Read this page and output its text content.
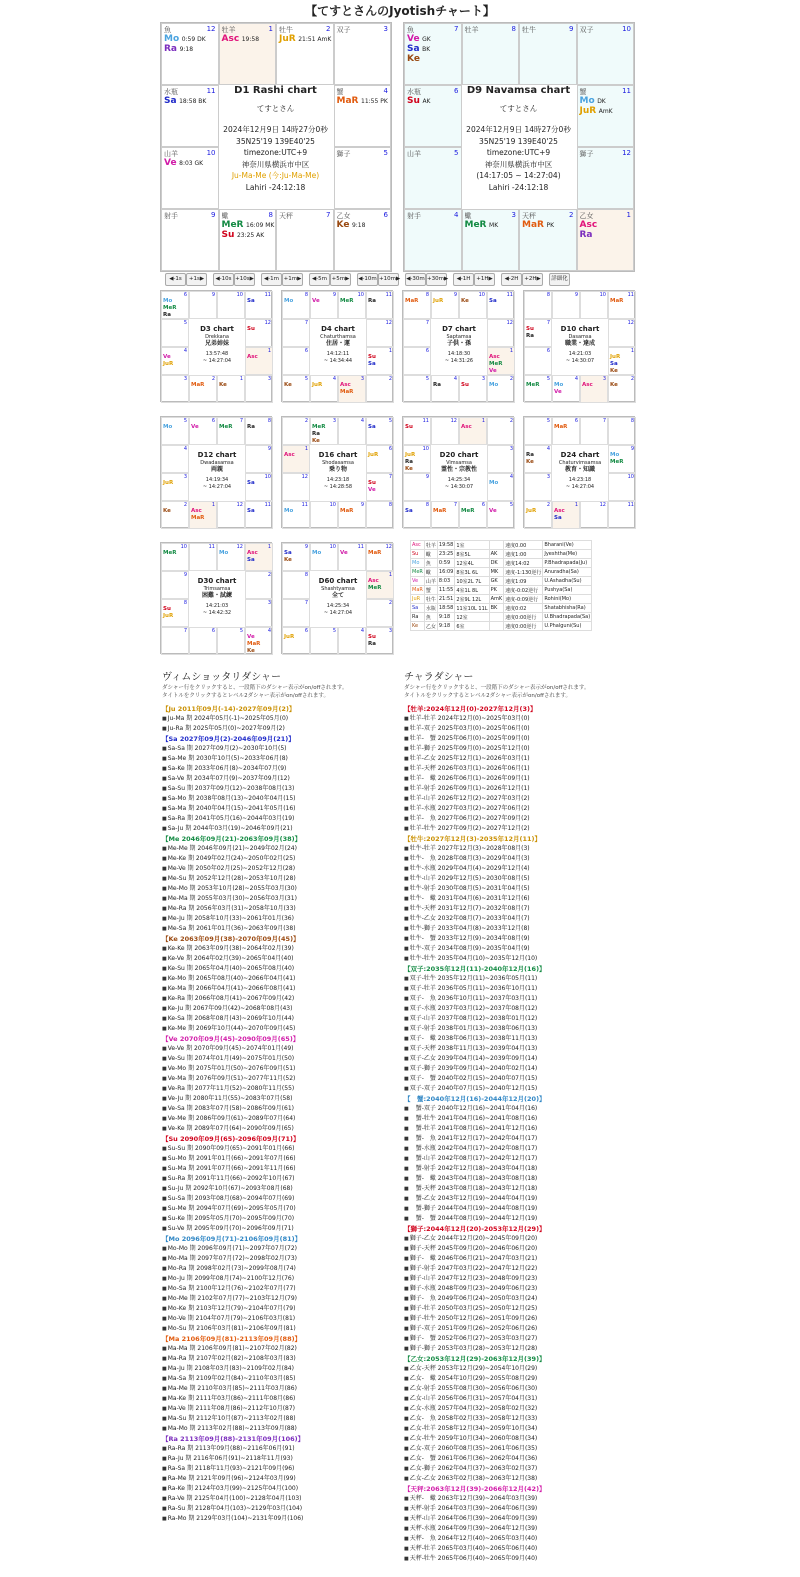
【てすとさんのJyotishチャート】
D1 Rashi chart
てすとさん
2024年12月9日 14時27分0秒
35N25'19 139E40'25
timezone:UTC+9
神奈川県横浜市中区
Ju-Ma-Me (今:Ju-Ma-Me)
Lahiri -24:12:18
魚	12
Mo 0:59 DK
Ra 9:18
牡羊	1
Asc 19:58
牡牛	2
JuR 21:51 AmK
双子	3
水瓶	11
Sa 18:58 BK
蟹	4
MaR 11:55 PK
山羊	10
Ve 8:03 GK
獅子	5
射手	9 蠍	8
MeR 16:09 MK
Su 23:25 AK
天秤	7 乙女	6
Ke 9:18
D9 Navamsa chart
てすとさん
2024年12月9日 14時27分0秒
35N25'19 139E40'25
timezone:UTC+9
神奈川県横浜市中区
(14:17:05 ~ 14:27:04)
Lahiri -24:12:18
魚	7
Ve GK
Sa BK
Ke
牡羊	8 牡牛	9 双子	10
水瓶	6
Su AK
蟹	11
Mo DK
JuR AmK
山羊	5	獅子	12
射手	4 蠍	3
MeR MK
天秤	2
MaR PK
乙女	1
Asc
Ra
◀-1s	+1s▶	◀-10s +10s▶	◀-1m +1m▶	◀-5m +5m▶	◀-10m +10m▶ ◀-30m +30m▶	◀-1H	+1H▶	◀-2H	+2H▶	詳細化
6
Mo
MeR
Ra
9	10	11
Sa
5	12
Su
4
Ve
JuR
1
Asc
3	2
MaR
1
Ke
3
D3 chart
Drekkana
兄弟姉妹
13:57:48
~ 14:27:04
8
Mo
9
Ve
10
MeR
11
Ra
7	12
6	1
Su
Sa
5
Ke
4
JuR
3
Asc
MaR
2
D4 chart
Chaturthamsa
住居・運
14:12:11
~ 14:34:44
8
MaR
9
JuR
10
Ke
11
Sa
7	12
6	1
Asc
MeR
Ve
5	4
Ra
3
Su
2
Mo
D7 chart
Saptamsa
子供・孫
14:18:30
~ 14:31:26
8	9	10	11
MaR
7
Su
Ra
12
6	1
JuR
Sa
Ke
5
MeR
4
Mo
Ve
3
Asc
2
Ke
D10 chart
Dasamsa
職業・達成
14:21:03
~ 14:30:07
5
Mo
6
Ve
7
MeR
8
Ra
4	9
3
JuR
10
Sa
2
Ke
1
Asc
MaR
12	11
Sa
D12 chart
Dwadasamsa
両親
14:19:34
~ 14:27:04
2	3
MeR
Ra
Ke
4	5
Sa
1
Asc
6
JuR
12	7
Su
Ve
11
Mo
10	9
MaR
8
D16 chart
Shodasamsa
乗り物
14:23:18
~ 14:28:58
11
Su
12	1
Asc
2
10
JuR
Ra
Ke
3
9	4
Mo
8
Sa
7
MaR
6
MeR
5
Ve
D20 chart
Vimsamsa
霊性・宗教性
14:25:34
~ 14:30:07
5	6
MaR
7	8
4
Ra
Ke
9
Mo
MeR
3	10
2
JuR
1
Asc
Sa
12	11
D24 chart
Chaturvimsamsa
教育・知識
14:23:18
~ 14:27:04
10
MeR
11	12
Mo
1
Asc
Sa
9	2
8
Su
JuR
3
7	6	5	4
Ve
MaR
Ke
D30 chart
Trimsamsa
困難・試練
14:21:03
~ 14:42:32
9
Sa
Ke
10
Mo
11
Ve
12
MaR
8	1
Asc
MeR
7	2
6
JuR
5	4	3
Su
Ra
D60 chart
Shashtyamsa
全て
14:25:34
~ 14:27:04
Asc	牡羊	19:58	1室		速度0.00	Bharani(Ve)
Su	蠍	23:25	8室5L	AK	速度1:00	Jyeshtha(Me)
Mo	魚	0:59	12室4L	DK	速度14:02	P.Bhadrapada(Ju)
MeR	蠍	16:09	8室3L 6L	MK	速度-1:130逆行	Anuradha(Sa)
Ve	山羊	8:03	10室2L 7L	GK	速度1:09	U.Ashadha(Su)
MaR	蟹	11:55	4室1L 8L	PK	速度-0:02逆行	Pushya(Sa)
JuR	牡牛	21:51	2室9L 12L	AmK	速度-0:09逆行	Rohini(Mo)
Sa	水瓶	18:58	11室10L 11L	BK	速度0:02	Shatabhisha(Ra)
Ra	魚	9:18	12室		速度0:00逆行	U.Bhadrapada(Sa)
Ke	乙女	9:18	6室		速度0:00逆行	U.Phalguni(Su)
ヴィムショッタリダシャー
ダシャー行をクリックすると、一段階下のダシャー表示がon/offされます。
タイトルをクリックするとレベル2ダシャー表示がon/offされます。
【Ju 2011年09月(-14)-2027年09月(2)】
■ Ju-Ma 期 2024年05月(-1)~2025年05月(0)
■ Ju-Ra 期 2025年05月(0)~2027年09月(2)
【Sa 2027年09月(2)-2046年09月(21)】
■ Sa-Sa 期 2027年09月(2)~2030年10月(5)
■ Sa-Me 期 2030年10月(5)~2033年06月(8)
■ Sa-Ke 期 2033年06月(8)~2034年07月(9)
■ Sa-Ve 期 2034年07月(9)~2037年09月(12)
■ Sa-Su 期 2037年09月(12)~2038年08月(13)
■ Sa-Mo 期 2038年08月(13)~2040年04月(15)
■ Sa-Ma 期 2040年04月(15)~2041年05月(16)
■ Sa-Ra 期 2041年05月(16)~2044年03月(19)
■ Sa-Ju 期 2044年03月(19)~2046年09月(21)
【Me 2046年09月(21)-2063年09月(38)】
■ Me-Me 期 2046年09月(21)~2049年02月(24)
■ Me-Ke 期 2049年02月(24)~2050年02月(25)
■ Me-Ve 期 2050年02月(25)~2052年12月(28)
■ Me-Su 期 2052年12月(28)~2053年10月(28)
■ Me-Mo 期 2053年10月(28)~2055年03月(30)
■ Me-Ma 期 2055年03月(30)~2056年03月(31)
■ Me-Ra 期 2056年03月(31)~2058年10月(33)
■ Me-Ju 期 2058年10月(33)~2061年01月(36)
■ Me-Sa 期 2061年01月(36)~2063年09月(38)
【Ke 2063年09月(38)-2070年09月(45)】
■ Ke-Ke 期 2063年09月(38)~2064年02月(39)
■ Ke-Ve 期 2064年02月(39)~2065年04月(40)
■ Ke-Su 期 2065年04月(40)~2065年08月(40)
■ Ke-Mo 期 2065年08月(40)~2066年04月(41)
■ Ke-Ma 期 2066年04月(41)~2066年08月(41)
■ Ke-Ra 期 2066年08月(41)~2067年09月(42)
■ Ke-Ju 期 2067年09月(42)~2068年08月(43)
■ Ke-Sa 期 2068年08月(43)~2069年10月(44)
■ Ke-Me 期 2069年10月(44)~2070年09月(45)
【Ve 2070年09月(45)-2090年09月(65)】
■ Ve-Ve 期 2070年09月(45)~2074年01月(49)
■ Ve-Su 期 2074年01月(49)~2075年01月(50)
■ Ve-Mo 期 2075年01月(50)~2076年09月(51)
■ Ve-Ma 期 2076年09月(51)~2077年11月(52)
■ Ve-Ra 期 2077年11月(52)~2080年11月(55)
■ Ve-Ju 期 2080年11月(55)~2083年07月(58)
■ Ve-Sa 期 2083年07月(58)~2086年09月(61)
■ Ve-Me 期 2086年09月(61)~2089年07月(64)
■ Ve-Ke 期 2089年07月(64)~2090年09月(65)
【Su 2090年09月(65)-2096年09月(71)】
■ Su-Su 期 2090年09月(65)~2091年01月(66)
■ Su-Mo 期 2091年01月(66)~2091年07月(66)
■ Su-Ma 期 2091年07月(66)~2091年11月(66)
■ Su-Ra 期 2091年11月(66)~2092年10月(67)
■ Su-Ju 期 2092年10月(67)~2093年08月(68)
■ Su-Sa 期 2093年08月(68)~2094年07月(69)
■ Su-Me 期 2094年07月(69)~2095年05月(70)
■ Su-Ke 期 2095年05月(70)~2095年09月(70)
■ Su-Ve 期 2095年09月(70)~2096年09月(71)
【Mo 2096年09月(71)-2106年09月(81)】
■ Mo-Mo 期 2096年09月(71)~2097年07月(72)
■ Mo-Ma 期 2097年07月(72)~2098年02月(73)
■ Mo-Ra 期 2098年02月(73)~2099年08月(74)
■ Mo-Ju 期 2099年08月(74)~2100年12月(76)
■ Mo-Sa 期 2100年12月(76)~2102年07月(77)
■ Mo-Me 期 2102年07月(77)~2103年12月(79)
■ Mo-Ke 期 2103年12月(79)~2104年07月(79)
■ Mo-Ve 期 2104年07月(79)~2106年03月(81)
■ Mo-Su 期 2106年03月(81)~2106年09月(81)
【Ma 2106年09月(81)-2113年09月(88)】
■ Ma-Ma 期 2106年09月(81)~2107年02月(82)
■ Ma-Ra 期 2107年02月(82)~2108年03月(83)
■ Ma-Ju 期 2108年03月(83)~2109年02月(84)
■ Ma-Sa 期 2109年02月(84)~2110年03月(85)
■ Ma-Me 期 2110年03月(85)~2111年03月(86)
■ Ma-Ke 期 2111年03月(86)~2111年08月(86)
■ Ma-Ve 期 2111年08月(86)~2112年10月(87)
■ Ma-Su 期 2112年10月(87)~2113年02月(88)
■ Ma-Mo 期 2113年02月(88)~2113年09月(88)
【Ra 2113年09月(88)-2131年09月(106)】
■ Ra-Ra 期 2113年09月(88)~2116年06月(91)
■ Ra-Ju 期 2116年06月(91)~2118年11月(93)
■ Ra-Sa 期 2118年11月(93)~2121年09月(96)
■ Ra-Me 期 2121年09月(96)~2124年03月(99)
■ Ra-Ke 期 2124年03月(99)~2125年04月(100)
■ Ra-Ve 期 2125年04月(100)~2128年04月(103)
■ Ra-Su 期 2128年04月(103)~2129年03月(104)
■ Ra-Mo 期 2129年03月(104)~2131年09月(106)
チャラダシャー
ダシャー行をクリックすると、一段階下のダシャー表示がon/offされます。
タイトルをクリックするとレベル2ダシャー表示がon/offされます。
【牡羊:2024年12月(0)-2027年12月(3)】
■ 牡羊-牡羊 2024年12月(0)~2025年03月(0)
■ 牡羊-双子 2025年03月(0)~2025年06月(0)
■ 牡羊-　蟹 2025年06月(0)~2025年09月(0)
■ 牡羊-獅子 2025年09月(0)~2025年12月(0)
■ 牡羊-乙女 2025年12月(1)~2026年03月(1)
■ 牡羊-天秤 2026年03月(1)~2026年06月(1)
■ 牡羊-　蠍 2026年06月(1)~2026年09月(1)
■ 牡羊-射手 2026年09月(1)~2026年12月(1)
■ 牡羊-山羊 2026年12月(2)~2027年03月(2)
■ 牡羊-水瓶 2027年03月(2)~2027年06月(2)
■ 牡羊-　魚 2027年06月(2)~2027年09月(2)
■ 牡羊-牡牛 2027年09月(2)~2027年12月(2)
【牡牛:2027年12月(3)-2035年12月(11)】
■ 牡牛-牡羊 2027年12月(3)~2028年08月(3)
■ 牡牛-　魚 2028年08月(3)~2029年04月(3)
■ 牡牛-水瓶 2029年04月(4)~2029年12月(4)
■ 牡牛-山羊 2029年12月(5)~2030年08月(5)
■ 牡牛-射手 2030年08月(5)~2031年04月(5)
■ 牡牛-　蠍 2031年04月(6)~2031年12月(6)
■ 牡牛-天秤 2031年12月(7)~2032年08月(7)
■ 牡牛-乙女 2032年08月(7)~2033年04月(7)
■ 牡牛-獅子 2033年04月(8)~2033年12月(8)
■ 牡牛-　蟹 2033年12月(9)~2034年08月(9)
■ 牡牛-双子 2034年08月(9)~2035年04月(9)
■ 牡牛-牡牛 2035年04月(10)~2035年12月(10)
【双子:2035年12月(11)-2040年12月(16)】
■ 双子-牡牛 2035年12月(11)~2036年05月(11)
■ 双子-牡羊 2036年05月(11)~2036年10月(11)
■ 双子-　魚 2036年10月(11)~2037年03月(11)
■ 双子-水瓶 2037年03月(12)~2037年08月(12)
■ 双子-山羊 2037年08月(12)~2038年01月(12)
■ 双子-射手 2038年01月(13)~2038年06月(13)
■ 双子-　蠍 2038年06月(13)~2038年11月(13)
■ 双子-天秤 2038年11月(13)~2039年04月(13)
■ 双子-乙女 2039年04月(14)~2039年09月(14)
■ 双子-獅子 2039年09月(14)~2040年02月(14)
■ 双子-　蟹 2040年02月(15)~2040年07月(15)
■ 双子-双子 2040年07月(15)~2040年12月(15)
【　蟹:2040年12月(16)-2044年12月(20)】
■ 　蟹-双子 2040年12月(16)~2041年04月(16)
■ 　蟹-牡牛 2041年04月(16)~2041年08月(16)
■ 　蟹-牡羊 2041年08月(16)~2041年12月(16)
■ 　蟹-　魚 2041年12月(17)~2042年04月(17)
■ 　蟹-水瓶 2042年04月(17)~2042年08月(17)
■ 　蟹-山羊 2042年08月(17)~2042年12月(17)
■ 　蟹-射手 2042年12月(18)~2043年04月(18)
■ 　蟹-　蠍 2043年04月(18)~2043年08月(18)
■ 　蟹-天秤 2043年08月(18)~2043年12月(18)
■ 　蟹-乙女 2043年12月(19)~2044年04月(19)
■ 　蟹-獅子 2044年04月(19)~2044年08月(19)
■ 　蟹-　蟹 2044年08月(19)~2044年12月(19)
【獅子:2044年12月(20)-2053年12月(29)】
■ 獅子-乙女 2044年12月(20)~2045年09月(20)
■ 獅子-天秤 2045年09月(20)~2046年06月(20)
■ 獅子-　蠍 2046年06月(21)~2047年03月(21)
■ 獅子-射手 2047年03月(22)~2047年12月(22)
■ 獅子-山羊 2047年12月(23)~2048年09月(23)
■ 獅子-水瓶 2048年09月(23)~2049年06月(23)
■ 獅子-　魚 2049年06月(24)~2050年03月(24)
■ 獅子-牡羊 2050年03月(25)~2050年12月(25)
■ 獅子-牡牛 2050年12月(26)~2051年09月(26)
■ 獅子-双子 2051年09月(26)~2052年06月(26)
■ 獅子-　蟹 2052年06月(27)~2053年03月(27)
■ 獅子-獅子 2053年03月(28)~2053年12月(28)
【乙女:2053年12月(29)-2063年12月(39)】
■ 乙女-天秤 2053年12月(29)~2054年10月(29)
■ 乙女-　蠍 2054年10月(29)~2055年08月(29)
■ 乙女-射手 2055年08月(30)~2056年06月(30)
■ 乙女-山羊 2056年06月(31)~2057年04月(31)
■ 乙女-水瓶 2057年04月(32)~2058年02月(32)
■ 乙女-　魚 2058年02月(33)~2058年12月(33)
■ 乙女-牡羊 2058年12月(34)~2059年10月(34)
■ 乙女-牡牛 2059年10月(34)~2060年08月(34)
■ 乙女-双子 2060年08月(35)~2061年06月(35)
■ 乙女-　蟹 2061年06月(36)~2062年04月(36)
■ 乙女-獅子 2062年04月(37)~2063年02月(37)
■ 乙女-乙女 2063年02月(38)~2063年12月(38)
【天秤:2063年12月(39)-2066年12月(42)】
■ 天秤-　蠍 2063年12月(39)~2064年03月(39)
■ 天秤-射手 2064年03月(39)~2064年06月(39)
■ 天秤-山羊 2064年06月(39)~2064年09月(39)
■ 天秤-水瓶 2064年09月(39)~2064年12月(39)
■ 天秤-　魚 2064年12月(40)~2065年03月(40)
■ 天秤-牡羊 2065年03月(40)~2065年06月(40)
■ 天秤-牡牛 2065年06月(40)~2065年09月(40)
